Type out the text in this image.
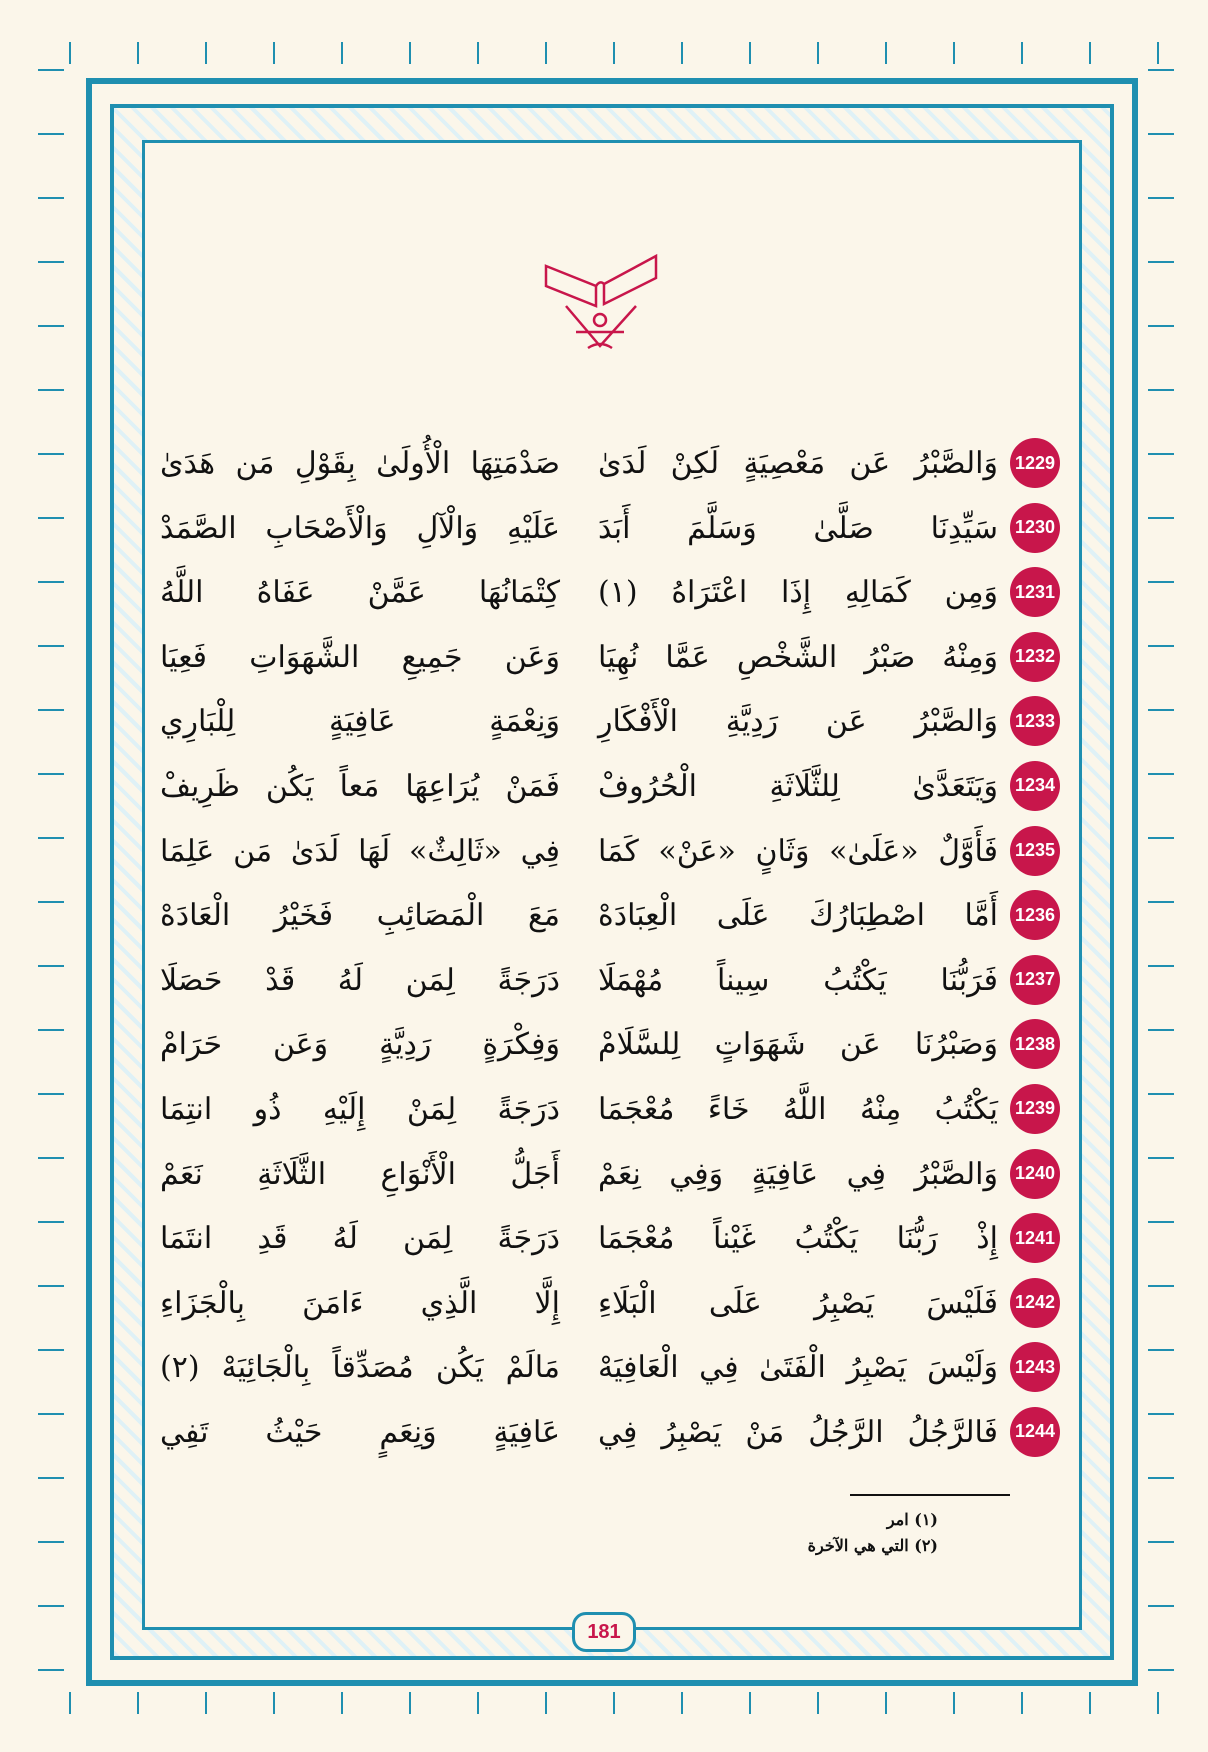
1229
وَالصَّبْرُ عَن مَعْصِيَةٍ لَكِنْ لَدَىٰ
صَدْمَتِهَا الْأُولَىٰ بِقَوْلِ مَن هَدَىٰ
1230
سَيِّدِنَا صَلَّىٰ وَسَلَّمَ أَبَدَ
عَلَيْهِ وَالْآلِ وَالْأَصْحَابِ الصَّمَدْ
1231
وَمِن كَمَالِهِ إِذَا اعْتَرَاهُ (١)
كِتْمَانُهَا عَمَّنْ عَفَاهُ اللَّهُ
1232
وَمِنْهُ صَبْرُ الشَّخْصِ عَمَّا نُهِيَا
وَعَن جَمِيعِ الشَّهَوَاتِ فَعِيَا
1233
وَالصَّبْرُ عَن رَدِيَّةِ الْأَفْكَارِ
وَنِعْمَةٍ عَافِيَةٍ لِلْبَارِي
1234
وَيَتَعَدَّىٰ لِلثَّلَاثَةِ الْحُرُوفْ
فَمَنْ يُرَاعِهَا مَعاً يَكُن ظَرِيفْ
1235
فَأَوَّلٌ «عَلَىٰ» وَثَانٍ «عَنْ» كَمَا
فِي «ثَالِثٌ» لَهَا لَدَىٰ مَن عَلِمَا
1236
أَمَّا اصْطِبَارُكَ عَلَى الْعِبَادَهْ
مَعَ الْمَصَائِبِ فَخَيْرُ الْعَادَهْ
1237
فَرَبُّنَا يَكْتُبُ سِيناً مُهْمَلَا
دَرَجَةً لِمَن لَهُ قَدْ حَصَلَا
1238
وَصَبْرُنَا عَن شَهَوَاتٍ لِلسَّلَامْ
وَفِكْرَةٍ رَدِيَّةٍ وَعَن حَرَامْ
1239
يَكْتُبُ مِنْهُ اللَّهُ خَاءً مُعْجَمَا
دَرَجَةً لِمَنْ إِلَيْهِ ذُو انتِمَا
1240
وَالصَّبْرُ فِي عَافِيَةٍ وَفِي نِعَمْ
أَجَلُّ الْأَنْوَاعِ الثَّلَاثَةِ نَعَمْ
1241
إِذْ رَبُّنَا يَكْتُبُ غَيْناً مُعْجَمَا
دَرَجَةً لِمَن لَهُ قَدِ انتَمَا
1242
فَلَيْسَ يَصْبِرُ عَلَى الْبَلَاءِ
إِلَّا الَّذِي ءَامَنَ بِالْجَزَاءِ
1243
وَلَيْسَ يَصْبِرُ الْفَتَىٰ فِي الْعَافِيَهْ
مَالَمْ يَكُن مُصَدِّقاً بِالْجَائِيَهْ (٢)
1244
فَالرَّجُلُ الرَّجُلُ مَنْ يَصْبِرُ فِي
عَافِيَةٍ وَنِعَمٍ حَيْثُ تَفِي
(١) امر
(٢) التي هي الآخرة
181
